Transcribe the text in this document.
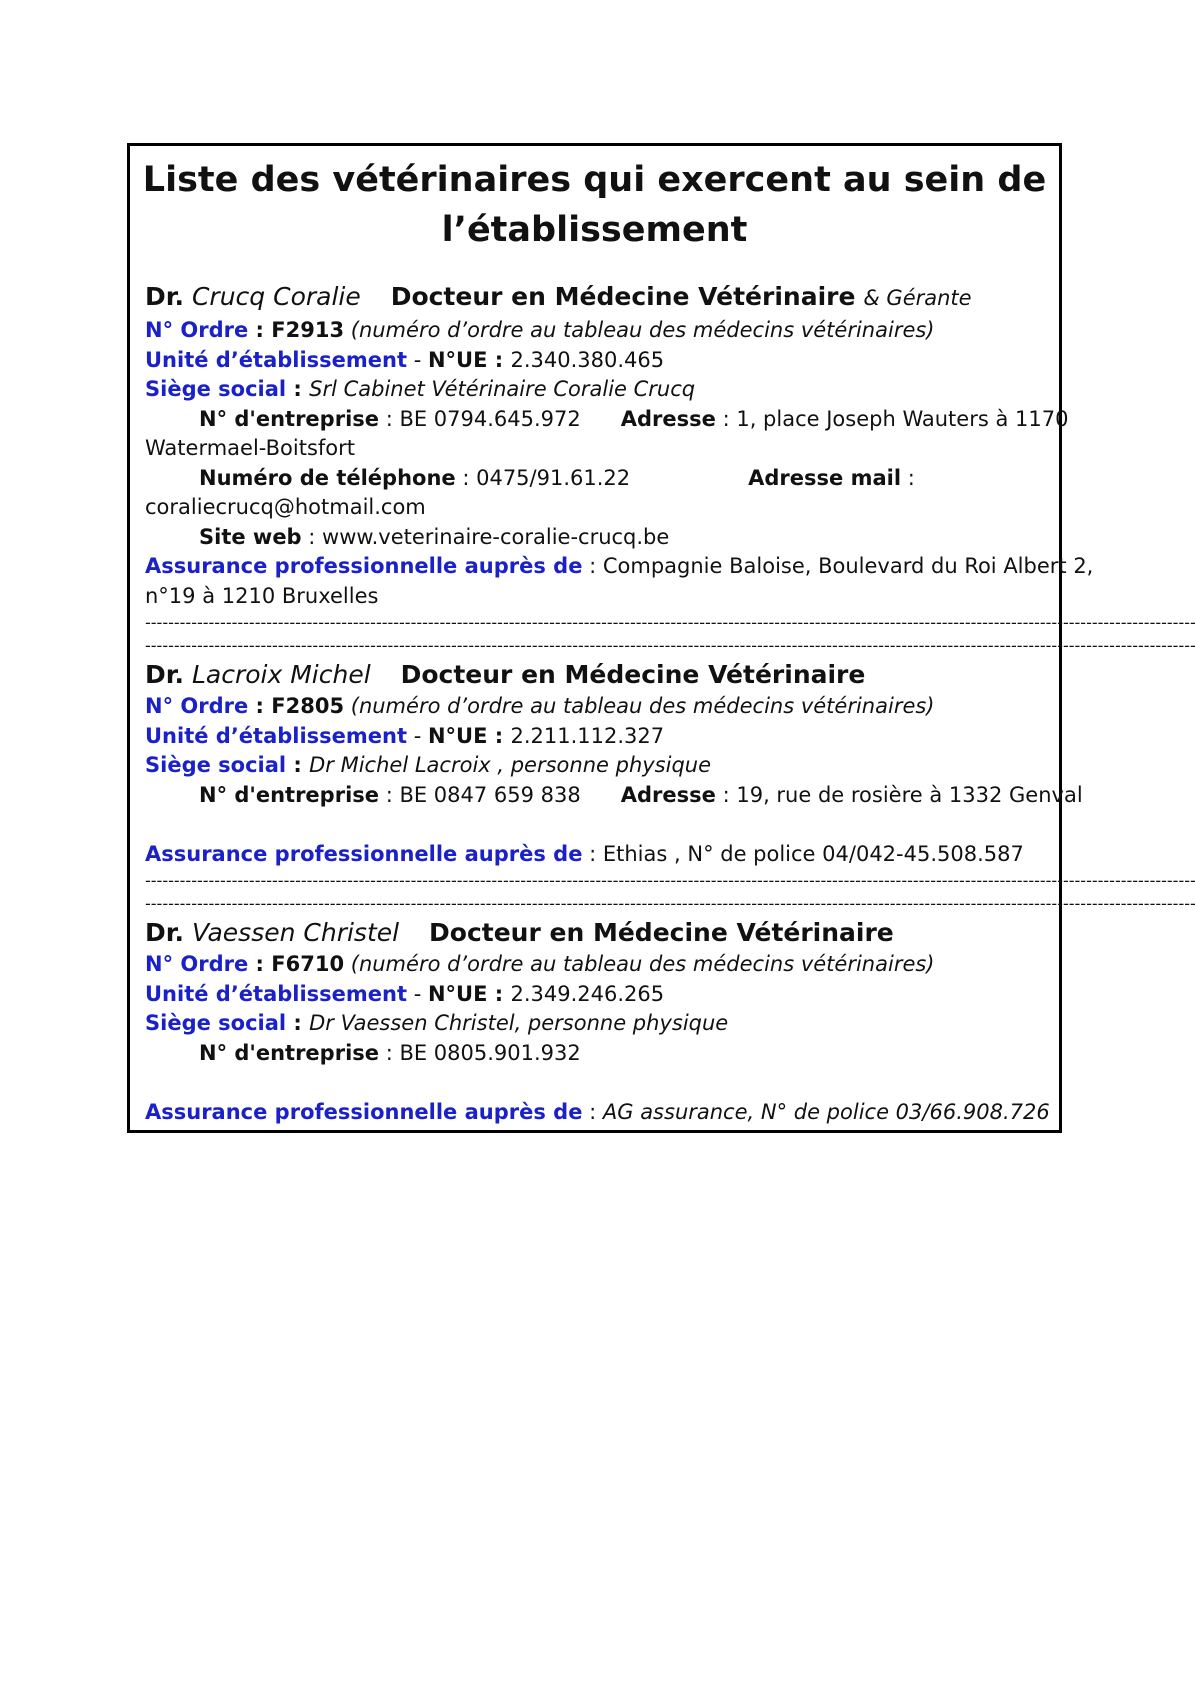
Liste des vétérinaires qui exercent au sein de l’établissement
Dr. Crucq Coralie Docteur en Médecine Vétérinaire & Gérante
N° Ordre : F2913 (numéro d’ordre au tableau des médecins vétérinaires)
Unité d’établissement - N°UE : 2.340.380.465
Siège social : Srl Cabinet Vétérinaire Coralie Crucq
N° d'entreprise : BE 0794.645.972 Adresse : 1, place Joseph Wauters à 1170
Watermael-Boitsfort
Numéro de téléphone : 0475/91.61.22	Adresse mail :
coraliecrucq@hotmail.com
Site web : www.veterinaire-coralie-crucq.be
Assurance professionnelle auprès de : Compagnie Baloise, Boulevard du Roi Albert 2,
n°19 à 1210 Bruxelles
--------------------------------------------------------------------------------------------------------------------------------------------------------------------------------------
--------------------------------------------------------------------------------------------------------------------------------------------------------------------------------------
Dr. Lacroix Michel Docteur en Médecine Vétérinaire
N° Ordre : F2805 (numéro d’ordre au tableau des médecins vétérinaires)
Unité d’établissement - N°UE : 2.211.112.327
Siège social : Dr Michel Lacroix , personne physique
N° d'entreprise : BE 0847 659 838 Adresse : 19, rue de rosière à 1332 Genval
Assurance professionnelle auprès de : Ethias , N° de police 04/042-45.508.587
--------------------------------------------------------------------------------------------------------------------------------------------------------------------------------------
--------------------------------------------------------------------------------------------------------------------------------------------------------------------------------------
Dr. Vaessen Christel Docteur en Médecine Vétérinaire
N° Ordre : F6710 (numéro d’ordre au tableau des médecins vétérinaires)
Unité d’établissement - N°UE : 2.349.246.265
Siège social : Dr Vaessen Christel, personne physique
N° d'entreprise : BE 0805.901.932
Assurance professionnelle auprès de : AG assurance, N° de police 03/66.908.726
